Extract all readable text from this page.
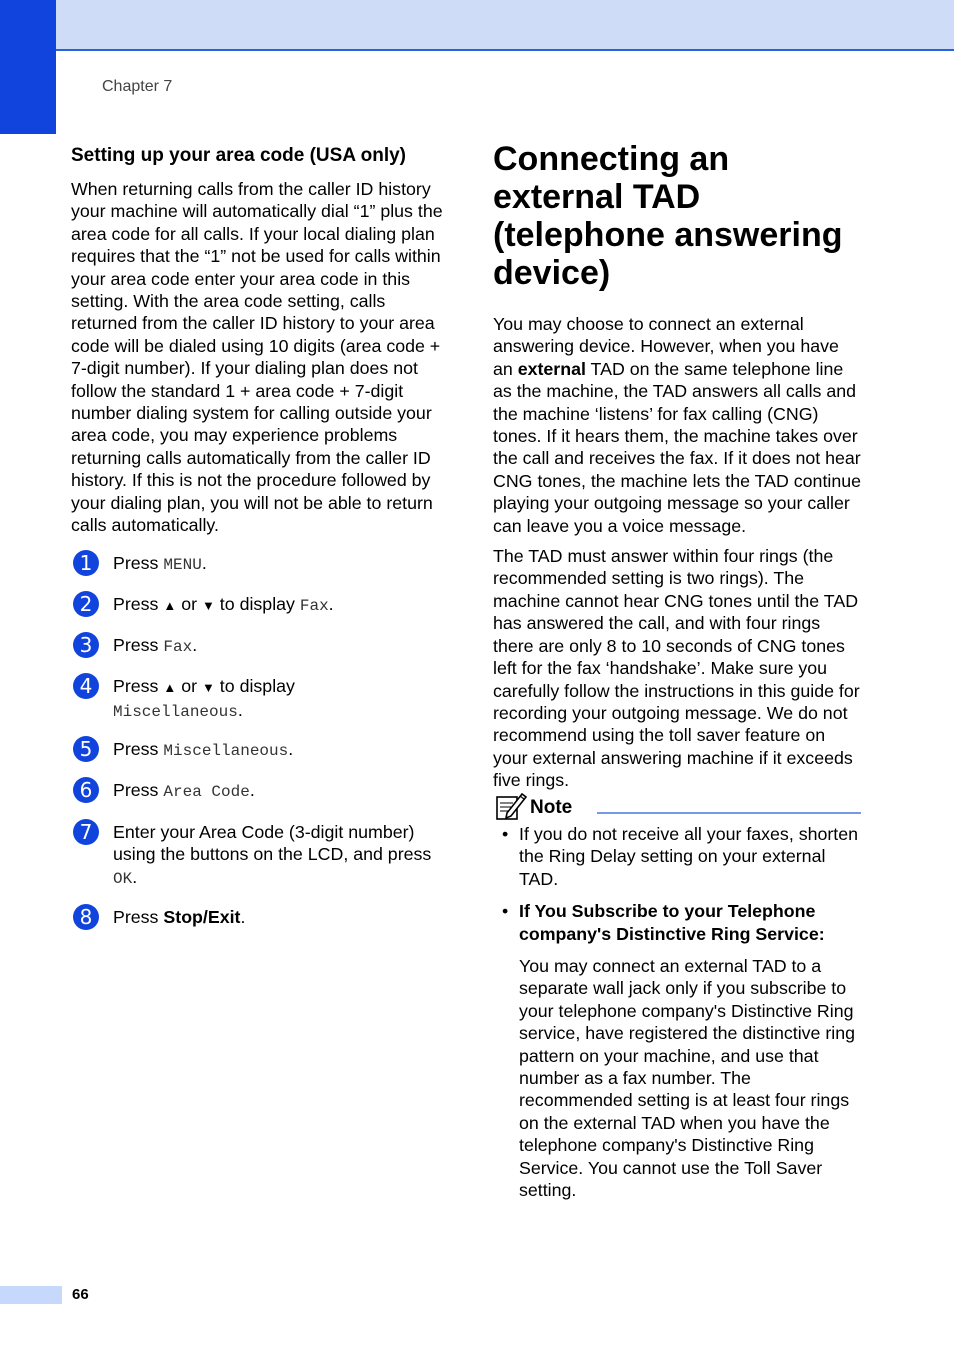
Chapter 7

Setting up your area code (USA only)

When returning calls from the caller ID history your machine will automatically dial “1” plus the area code for all calls. If your local dialing plan requires that the “1” not be used for calls within your area code enter your area code in this setting. With the area code setting, calls returned from the caller ID history to your area code will be dialed using 10 digits (area code + 7-digit number). If your dialing plan does not follow the standard 1 + area code + 7-digit number dialing system for calling outside your area code, you may experience problems returning calls automatically from the caller ID history. If this is not the procedure followed by your dialing plan, you will not be able to return calls automatically.

1	Press MENU.
2	Press ▲ or ▼ to display Fax.
3	Press Fax.
4	Press ▲ or ▼ to display
Miscellaneous.
5	Press Miscellaneous.
6	Press Area Code.
7	Enter your Area Code (3-digit number) using the buttons on the LCD, and press OK.
8	Press Stop/Exit.
Connecting an external TAD (telephone answering device)

You may choose to connect an external answering device. However, when you have an external TAD on the same telephone line as the machine, the TAD answers all calls and the machine ‘listens’ for fax calling (CNG) tones. If it hears them, the machine takes over the call and receives the fax. If it does not hear CNG tones, the machine lets the TAD continue playing your outgoing message so your caller can leave you a voice message.

The TAD must answer within four rings (the recommended setting is two rings). The machine cannot hear CNG tones until the TAD has answered the call, and with four rings there are only 8 to 10 seconds of CNG tones left for the fax ‘handshake’. Make sure you carefully follow the instructions in this guide for recording your outgoing message. We do not recommend using the toll saver feature on your external answering machine if it exceeds five rings.

Note

• If you do not receive all your faxes, shorten the Ring Delay setting on your external TAD.

• If You Subscribe to your Telephone company's Distinctive Ring Service:

You may connect an external TAD to a separate wall jack only if you subscribe to your telephone company's Distinctive Ring service, have registered the distinctive ring pattern on your machine, and use that number as a fax number. The recommended setting is at least four rings on the external TAD when you have the telephone company's Distinctive Ring Service. You cannot use the Toll Saver setting.

66
